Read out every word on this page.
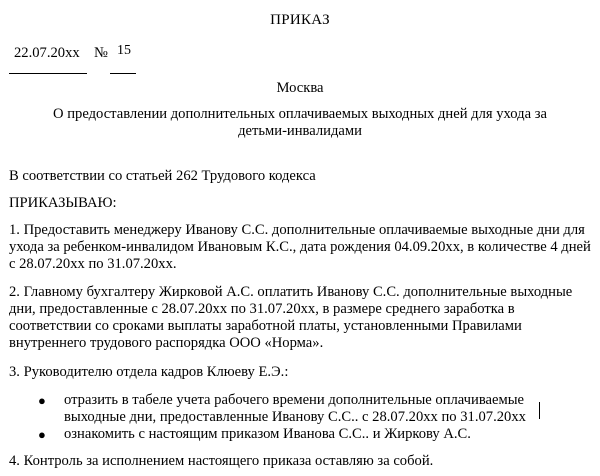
ПРИКАЗ
22.07.20хх № 15
Москва
О предоставлении дополнительных оплачиваемых выходных дней для ухода за детьми-инвалидами
В соответствии со статьей 262 Трудового кодекса
ПРИКАЗЫВАЮ:
1. Предоставить менеджеру Иванову С.С. дополнительные оплачиваемые выходные дни для ухода за ребенком-инвалидом Ивановым К.С., дата рождения 04.09.20хх, в количестве 4 дней с 28.07.20хх по 31.07.20хх.
2. Главному бухгалтеру Жирковой А.С. оплатить Иванову С.С. дополнительные выходные дни, предоставленные с 28.07.20хх по 31.07.20хх, в размере среднего заработка в соответствии со сроками выплаты заработной платы, установленными Правилами внутреннего трудового распорядка ООО «Норма».
3. Руководителю отдела кадров Клюеву Е.Э.:
● отразить в табеле учета рабочего времени дополнительные оплачиваемые выходные дни, предоставленные Иванову С.С.. с 28.07.20хх по 31.07.20хх
● ознакомить с настоящим приказом Иванова С.С.. и Жиркову А.С.
4. Контроль за исполнением настоящего приказа оставляю за собой.
